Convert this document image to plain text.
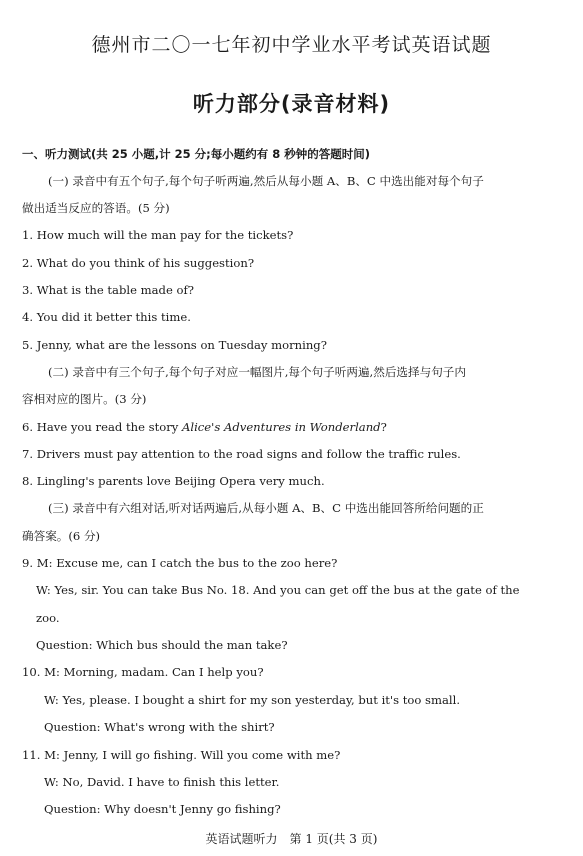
德州市二〇一七年初中学业水平考试英语试题
听力部分(录音材料)
一、听力测试(共 25 小题,计 25 分;每小题约有 8 秒钟的答题时间)
(一) 录音中有五个句子,每个句子听两遍,然后从每小题 A、B、C 中选出能对每个句子
做出适当反应的答语。(5 分)
1. How much will the man pay for the tickets?
2. What do you think of his suggestion?
3. What is the table made of?
4. You did it better this time.
5. Jenny, what are the lessons on Tuesday morning?
(二) 录音中有三个句子,每个句子对应一幅图片,每个句子听两遍,然后选择与句子内
容相对应的图片。(3 分)
6. Have you read the story Alice's Adventures in Wonderland?
7. Drivers must pay attention to the road signs and follow the traffic rules.
8. Lingling's parents love Beijing Opera very much.
(三) 录音中有六组对话,听对话两遍后,从每小题 A、B、C 中选出能回答所给问题的正
确答案。(6 分)
9. M: Excuse me, can I catch the bus to the zoo here?
W: Yes, sir. You can take Bus No. 18. And you can get off the bus at the gate of the
zoo.
Question: Which bus should the man take?
10. M: Morning, madam. Can I help you?
W: Yes, please. I bought a shirt for my son yesterday, but it's too small.
Question: What's wrong with the shirt?
11. M: Jenny, I will go fishing. Will you come with me?
W: No, David. I have to finish this letter.
Question: Why doesn't Jenny go fishing?
英语试题听力　第 1 页(共 3 页)
